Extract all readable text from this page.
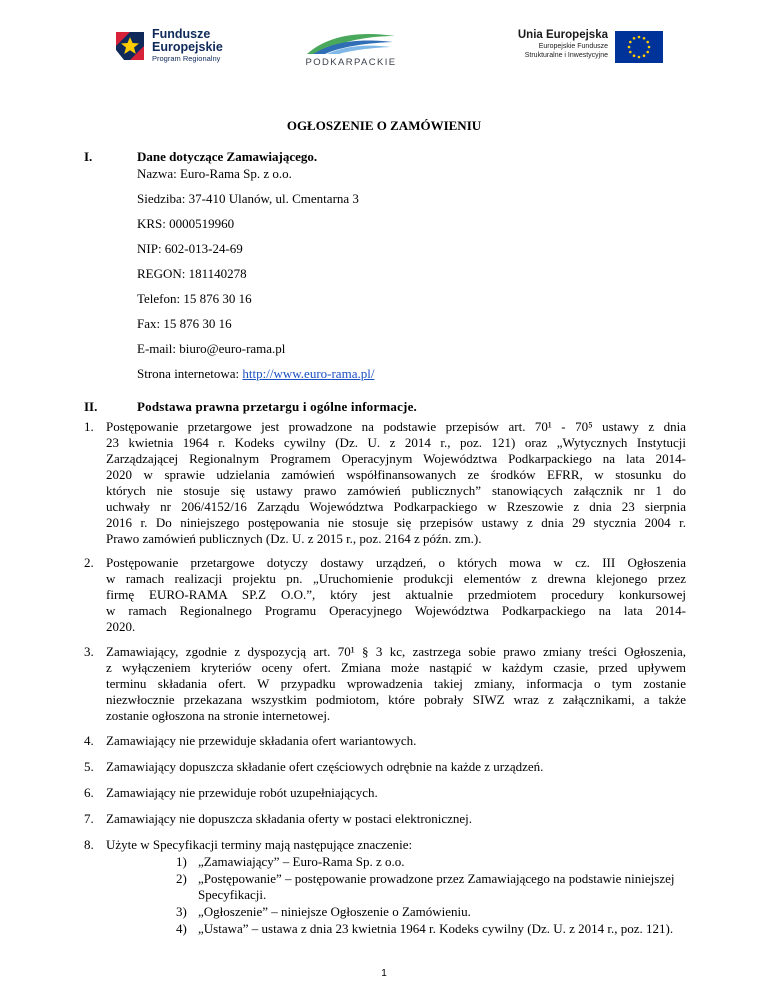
Fundusze
Europejskie
Program Regionalny	PODKARPACKIE
Unia Europejska
Europejskie Fundusze
Strukturalne i Inwestycyjne
OGŁOSZENIE O ZAMÓWIENIU
I.	Dane dotyczące Zamawiającego.
Nazwa: Euro-Rama Sp. z o.o.
Siedziba: 37-410 Ulanów, ul. Cmentarna 3
KRS: 0000519960
NIP: 602-013-24-69
REGON: 181140278
Telefon: 15 876 30 16
Fax: 15 876 30 16
E-mail: biuro@euro-rama.pl
Strona internetowa: http://www.euro-rama.pl/
II.	Podstawa prawna przetargu i ogólne informacje.
1. Postępowanie przetargowe jest prowadzone na podstawie przepisów art. 70¹ - 70⁵ ustawy z dnia
23 kwietnia 1964 r. Kodeks cywilny (Dz. U. z 2014 r., poz. 121) oraz „Wytycznych Instytucji
Zarządzającej Regionalnym Programem Operacyjnym Województwa Podkarpackiego na lata 2014-
2020 w sprawie udzielania zamówień współfinansowanych ze środków EFRR, w stosunku do
których nie stosuje się ustawy prawo zamówień publicznych” stanowiących załącznik nr 1 do
uchwały nr 206/4152/16 Zarządu Województwa Podkarpackiego w Rzeszowie z dnia 23 sierpnia
2016 r. Do niniejszego postępowania nie stosuje się przepisów ustawy z dnia 29 stycznia 2004 r.
Prawo zamówień publicznych (Dz. U. z 2015 r., poz. 2164 z późn. zm.).
2. Postępowanie przetargowe dotyczy dostawy urządzeń, o których mowa w cz. III Ogłoszenia
w ramach realizacji projektu pn. „Uruchomienie produkcji elementów z drewna klejonego przez
firmę EURO-RAMA SP.Z O.O.”, który jest aktualnie przedmiotem procedury konkursowej
w ramach Regionalnego Programu Operacyjnego Województwa Podkarpackiego na lata 2014-
2020.
3. Zamawiający, zgodnie z dyspozycją art. 70¹ § 3 kc, zastrzega sobie prawo zmiany treści Ogłoszenia,
z wyłączeniem kryteriów oceny ofert. Zmiana może nastąpić w każdym czasie, przed upływem
terminu składania ofert. W przypadku wprowadzenia takiej zmiany, informacja o tym zostanie
niezwłocznie przekazana wszystkim podmiotom, które pobrały SIWZ wraz z załącznikami, a także
zostanie ogłoszona na stronie internetowej.
4. Zamawiający nie przewiduje składania ofert wariantowych.
5. Zamawiający dopuszcza składanie ofert częściowych odrębnie na każde z urządzeń.
6. Zamawiający nie przewiduje robót uzupełniających.
7. Zamawiający nie dopuszcza składania oferty w postaci elektronicznej.
8. Użyte w Specyfikacji terminy mają następujące znaczenie:
1) „Zamawiający” – Euro-Rama Sp. z o.o.
2) „Postępowanie” – postępowanie prowadzone przez Zamawiającego na podstawie niniejszej
Specyfikacji.
3) „Ogłoszenie” – niniejsze Ogłoszenie o Zamówieniu.
4) „Ustawa” – ustawa z dnia 23 kwietnia 1964 r. Kodeks cywilny (Dz. U. z 2014 r., poz. 121).
1
